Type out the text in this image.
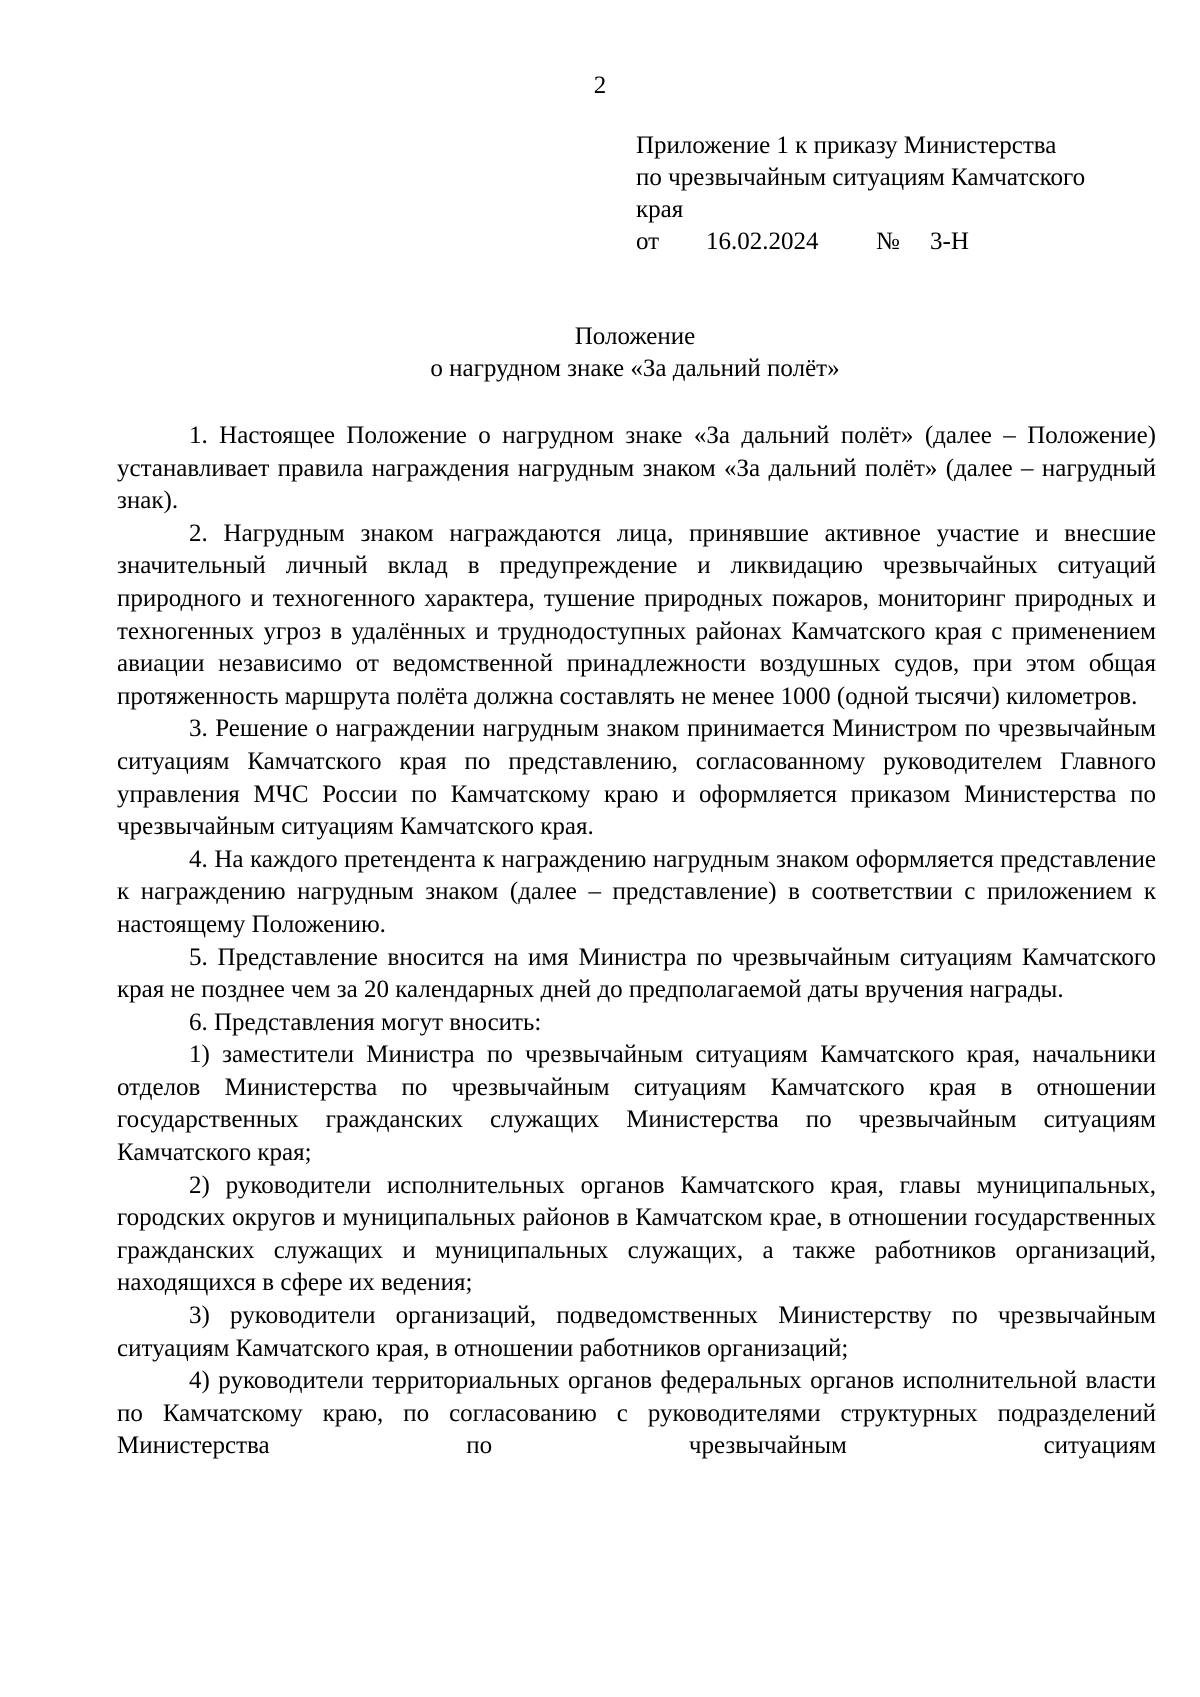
2
Приложение 1 к приказу Министерства
по чрезвычайным ситуациям Камчатского
края
от 16.02.2024 № 3-Н
Положение
о нагрудном знаке «За дальний полёт»

1. Настоящее Положение о нагрудном знаке «За дальний полёт» (далее – Положение) устанавливает правила награждения нагрудным знаком «За дальний полёт» (далее – нагрудный знак).

2. Нагрудным знаком награждаются лица, принявшие активное участие и внесшие значительный личный вклад в предупреждение и ликвидацию чрезвычайных ситуаций природного и техногенного характера, тушение природных пожаров, мониторинг природных и техногенных угроз в удалённых и труднодоступных районах Камчатского края с применением авиации независимо от ведомственной принадлежности воздушных судов, при этом общая протяженность маршрута полёта должна составлять не менее 1000 (одной тысячи) километров.

3. Решение о награждении нагрудным знаком принимается Министром по чрезвычайным ситуациям Камчатского края по представлению, согласованному руководителем Главного управления МЧС России по Камчатскому краю и оформляется приказом Министерства по чрезвычайным ситуациям Камчатского края.

4. На каждого претендента к награждению нагрудным знаком оформляется представление к награждению нагрудным знаком (далее – представление) в соответствии с приложением к настоящему Положению.

5. Представление вносится на имя Министра по чрезвычайным ситуациям Камчатского края не позднее чем за 20 календарных дней до предполагаемой даты вручения награды.

6. Представления могут вносить:

1) заместители Министра по чрезвычайным ситуациям Камчатского края, начальники отделов Министерства по чрезвычайным ситуациям Камчатского края в отношении государственных гражданских служащих Министерства по чрезвычайным ситуациям Камчатского края;

2) руководители исполнительных органов Камчатского края, главы муниципальных, городских округов и муниципальных районов в Камчатском крае, в отношении государственных гражданских служащих и муниципальных служащих, а также работников организаций, находящихся в сфере их ведения;

3) руководители организаций, подведомственных Министерству по чрезвычайным ситуациям Камчатского края, в отношении работников организаций;

4) руководители территориальных органов федеральных органов исполнительной власти по Камчатскому краю, по согласованию с руководителями структурных подразделений Министерства по чрезвычайным ситуациям
